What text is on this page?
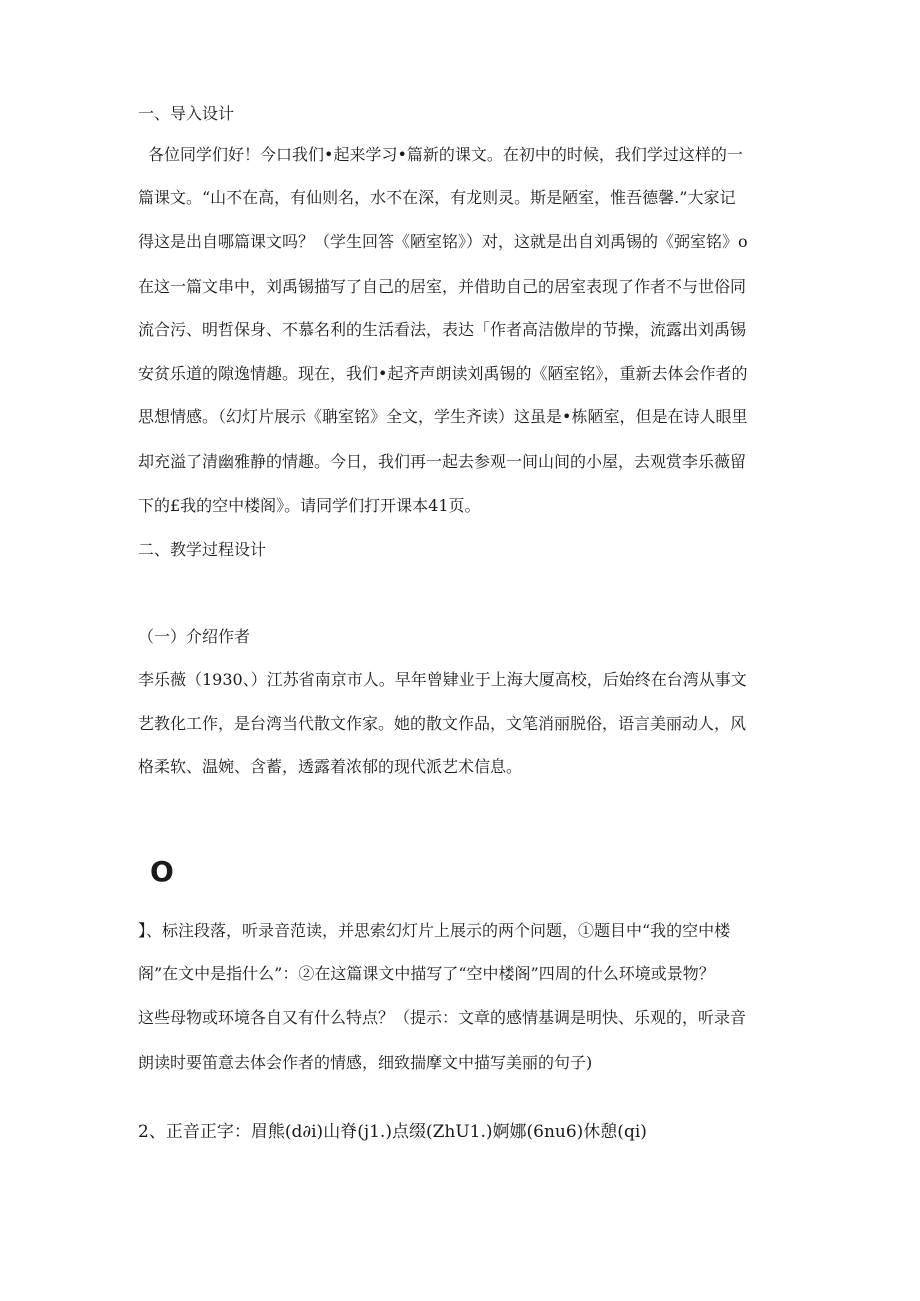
一、导入设计
各位同学们好！今口我们•起来学习•篇新的课文。在初中的时候，我们学过这样的一
篇课文。“山不在高，有仙则名，水不在深，有龙则灵。斯是陋室，惟吾德馨.”大家记
得这是出自哪篇课文吗？（学生回答《陋室铭》）对，这就是出自刘禹锡的《弼室铭》o
在这一篇文串中，刘禹锡描写了自己的居室，并借助自己的居室表现了作者不与世俗同
流合污、明哲保身、不慕名利的生活看法，表达「作者高洁傲岸的节操，流露出刘禹锡
安贫乐道的隙逸情趣。现在，我们•起齐声朗读刘禹锡的《陋室铭》，重新去体会作者的
思想情感。（幻灯片展示《聃室铭》全文，学生齐读）这虽是•栋陋室，但是在诗人眼里
却充溢了清幽雅静的情趣。今日，我们再一起去参观一间山间的小屋，去观赏李乐薇留
下的£我的空中楼阁》。请同学们打开课本41页。
二、教学过程设计
（一）介绍作者
李乐薇（1930、）江苏省南京市人。早年曾肄业于上海大厦高校，后始终在台湾从事文
艺教化工作，是台湾当代散文作家。她的散文作品，文笔消丽脱俗，语言美丽动人，风
格柔软、温婉、含蓄，透露着浓郁的现代派艺术信息。
O
】、标注段落，听录音范读，并思索幻灯片上展示的两个问题，①题目中“我的空中楼
阁”在文中是指什么”：②在这篇课文中描写了“空中楼阁”四周的什么环境或景物？
这些母物或环境各自又有什么特点？（提示：文章的感情基调是明快、乐观的，听录音
朗读时要笛意去体会作者的情感，细致揣摩文中描写美丽的句子)
2、正音正字：眉熊(d∂i)山脊(j1.)点缀(ZhU1.)婀娜(6nu6)休憩(qi)
